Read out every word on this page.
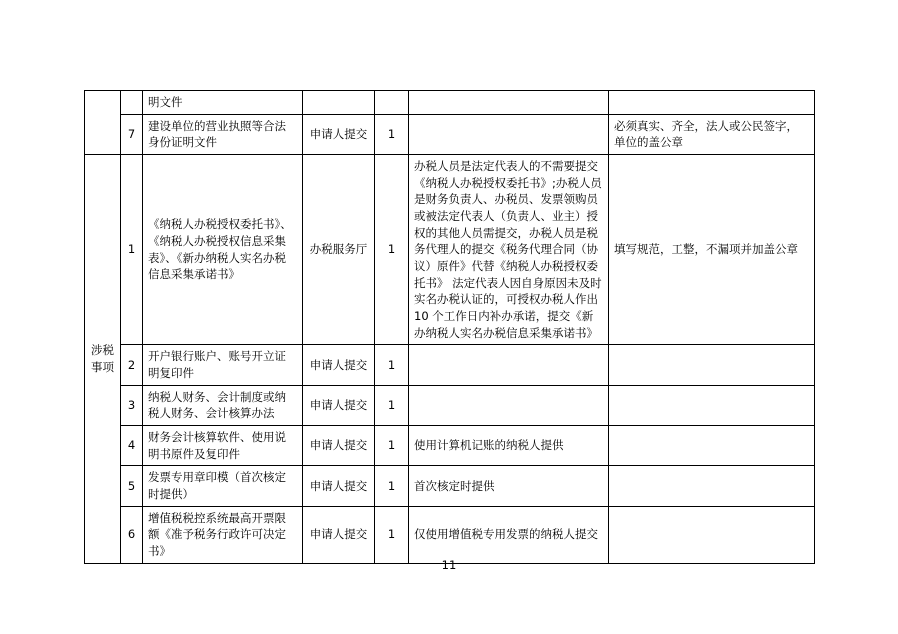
		明文件				
	7	建设单位的营业执照等合法身份证明文件	申请人提交	1		必须真实、齐全，法人或公民签字，单位的盖公章
涉税事项	1	《纳税人办税授权委托书》、《纳税人办税授权信息采集表》、《新办纳税人实名办税信息采集承诺书》	办税服务厅	1	办税人员是法定代表人的不需要提交《纳税人办税授权委托书》;办税人员是财务负责人、办税员、发票领购员或被法定代表人（负责人、业主）授权的其他人员需提交，办税人员是税务代理人的提交《税务代理合同（协议）原件》代替《纳税人办税授权委托书》 法定代表人因自身原因未及时实名办税认证的，可授权办税人作出 10 个工作日内补办承诺，提交《新办纳税人实名办税信息采集承诺书》	填写规范，工整，不漏项并加盖公章
	2	开户银行账户、账号开立证明复印件	申请人提交	1		
	3	纳税人财务、会计制度或纳税人财务、会计核算办法	申请人提交	1		
	4	财务会计核算软件、使用说明书原件及复印件	申请人提交	1	使用计算机记账的纳税人提供	
	5	发票专用章印模（首次核定时提供）	申请人提交	1	首次核定时提供	
	6	增值税税控系统最高开票限额《准予税务行政许可决定书》	申请人提交	1	仅使用增值税专用发票的纳税人提交	
11
